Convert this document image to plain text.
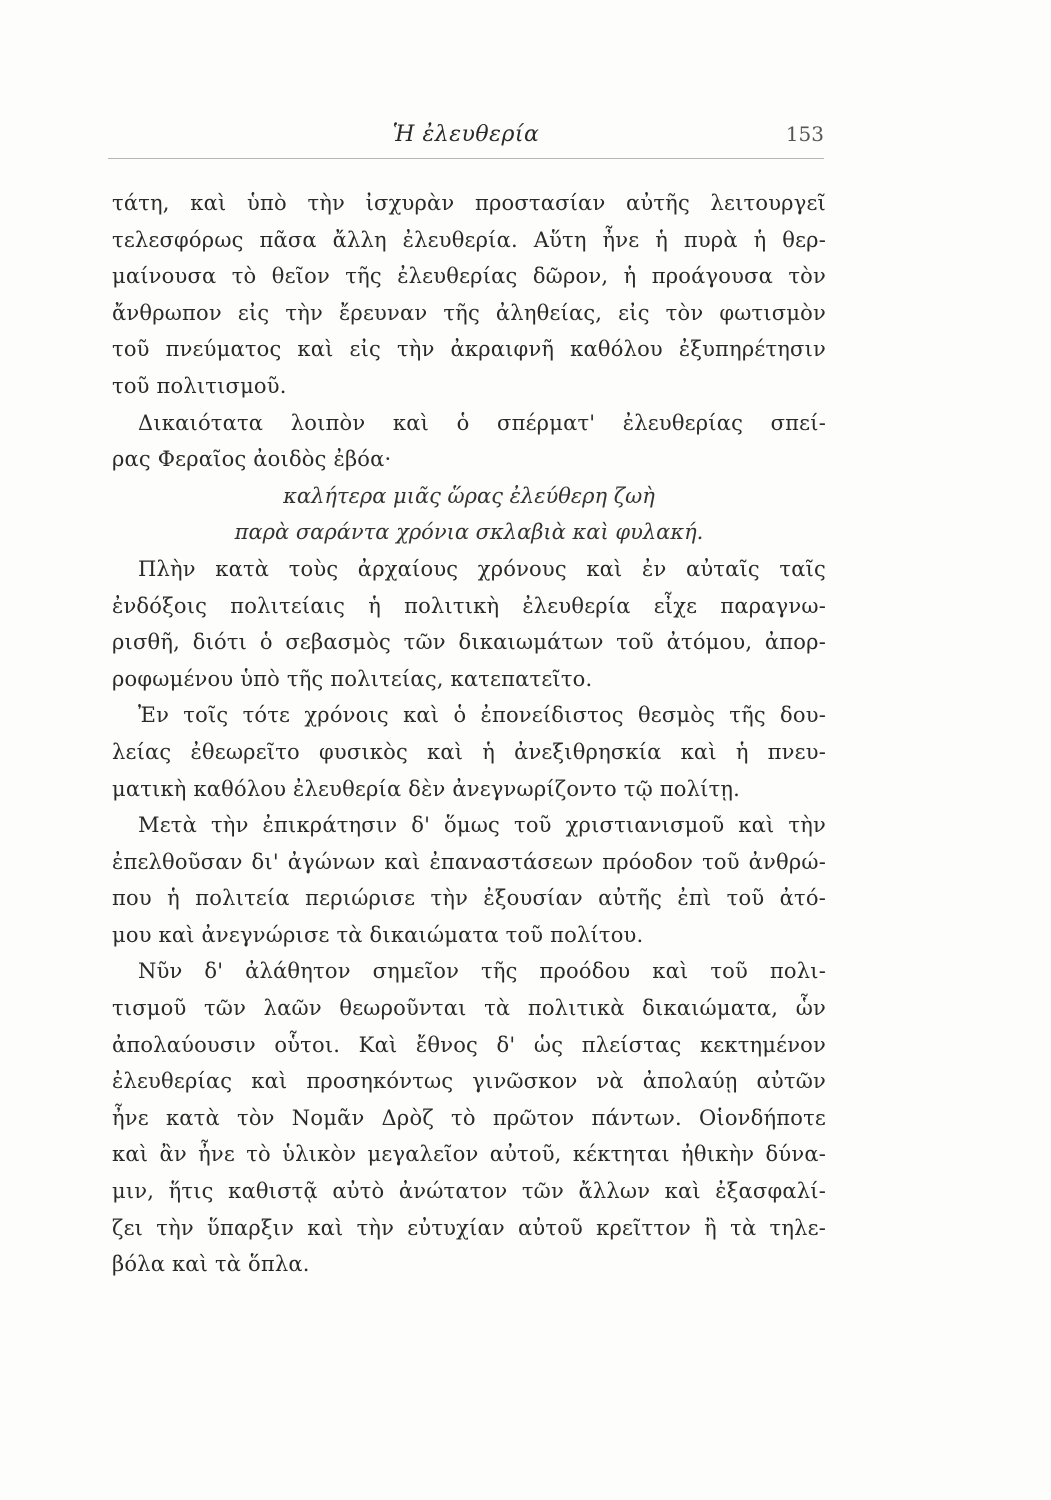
Ἡ ἐλευθερία	153
τάτη, καὶ ὑπὸ τὴν ἰσχυρὰν προστασίαν αὐτῆς λειτουργεῖ
τελεσφόρως πᾶσα ἄλλη ἐλευθερία. Αὕτη ἦνε ἡ πυρὰ ἡ θερ-
μαίνουσα τὸ θεῖον τῆς ἐλευθερίας δῶρον, ἡ προάγουσα τὸν
ἄνθρωπον εἰς τὴν ἔρευναν τῆς ἀληθείας, εἰς τὸν φωτισμὸν
τοῦ πνεύματος καὶ εἰς τὴν ἀκραιφνῆ καθόλου ἐξυπηρέτησιν
τοῦ πολιτισμοῦ.
Δικαιότατα λοιπὸν καὶ ὁ σπέρματ' ἐλευθερίας σπεί-
ρας Φεραῖος ἀοιδὸς ἐβόα·
καλήτερα μιᾶς ὥρας ἐλεύθερη ζωὴ
παρὰ σαράντα χρόνια σκλαβιὰ καὶ φυλακή.
Πλὴν κατὰ τοὺς ἀρχαίους χρόνους καὶ ἐν αὐταῖς ταῖς
ἐνδόξοις πολιτείαις ἡ πολιτικὴ ἐλευθερία εἶχε παραγνω-
ρισθῆ, διότι ὁ σεβασμὸς τῶν δικαιωμάτων τοῦ ἀτόμου, ἀπορ-
ροφωμένου ὑπὸ τῆς πολιτείας, κατεπατεῖτο.
Ἐν τοῖς τότε χρόνοις καὶ ὁ ἐπονείδιστος θεσμὸς τῆς δου-
λείας ἐθεωρεῖτο φυσικὸς καὶ ἡ ἀνεξιθρησκία καὶ ἡ πνευ-
ματικὴ καθόλου ἐλευθερία δὲν ἀνεγνωρίζοντο τῷ πολίτῃ.
Μετὰ τὴν ἐπικράτησιν δ' ὅμως τοῦ χριστιανισμοῦ καὶ τὴν
ἐπελθοῦσαν δι' ἀγώνων καὶ ἐπαναστάσεων πρόοδον τοῦ ἀνθρώ-
που ἡ πολιτεία περιώρισε τὴν ἐξουσίαν αὐτῆς ἐπὶ τοῦ ἀτό-
μου καὶ ἀνεγνώρισε τὰ δικαιώματα τοῦ πολίτου.
Νῦν δ' ἀλάθητον σημεῖον τῆς προόδου καὶ τοῦ πολι-
τισμοῦ τῶν λαῶν θεωροῦνται τὰ πολιτικὰ δικαιώματα, ὧν
ἀπολαύουσιν οὗτοι. Καὶ ἔθνος δ' ὡς πλείστας κεκτημένον
ἐλευθερίας καὶ προσηκόντως γινῶσκον νὰ ἀπολαύῃ αὐτῶν
ἦνε κατὰ τὸν Νομᾶν Δρὸζ τὸ πρῶτον πάντων. Οἱονδήποτε
καὶ ἂν ἦνε τὸ ὑλικὸν μεγαλεῖον αὐτοῦ, κέκτηται ἠθικὴν δύνα-
μιν, ἥτις καθιστᾷ αὐτὸ ἀνώτατον τῶν ἄλλων καὶ ἐξασφαλί-
ζει τὴν ὕπαρξιν καὶ τὴν εὐτυχίαν αὐτοῦ κρεῖττον ἢ τὰ τηλε-
βόλα καὶ τὰ ὅπλα.
